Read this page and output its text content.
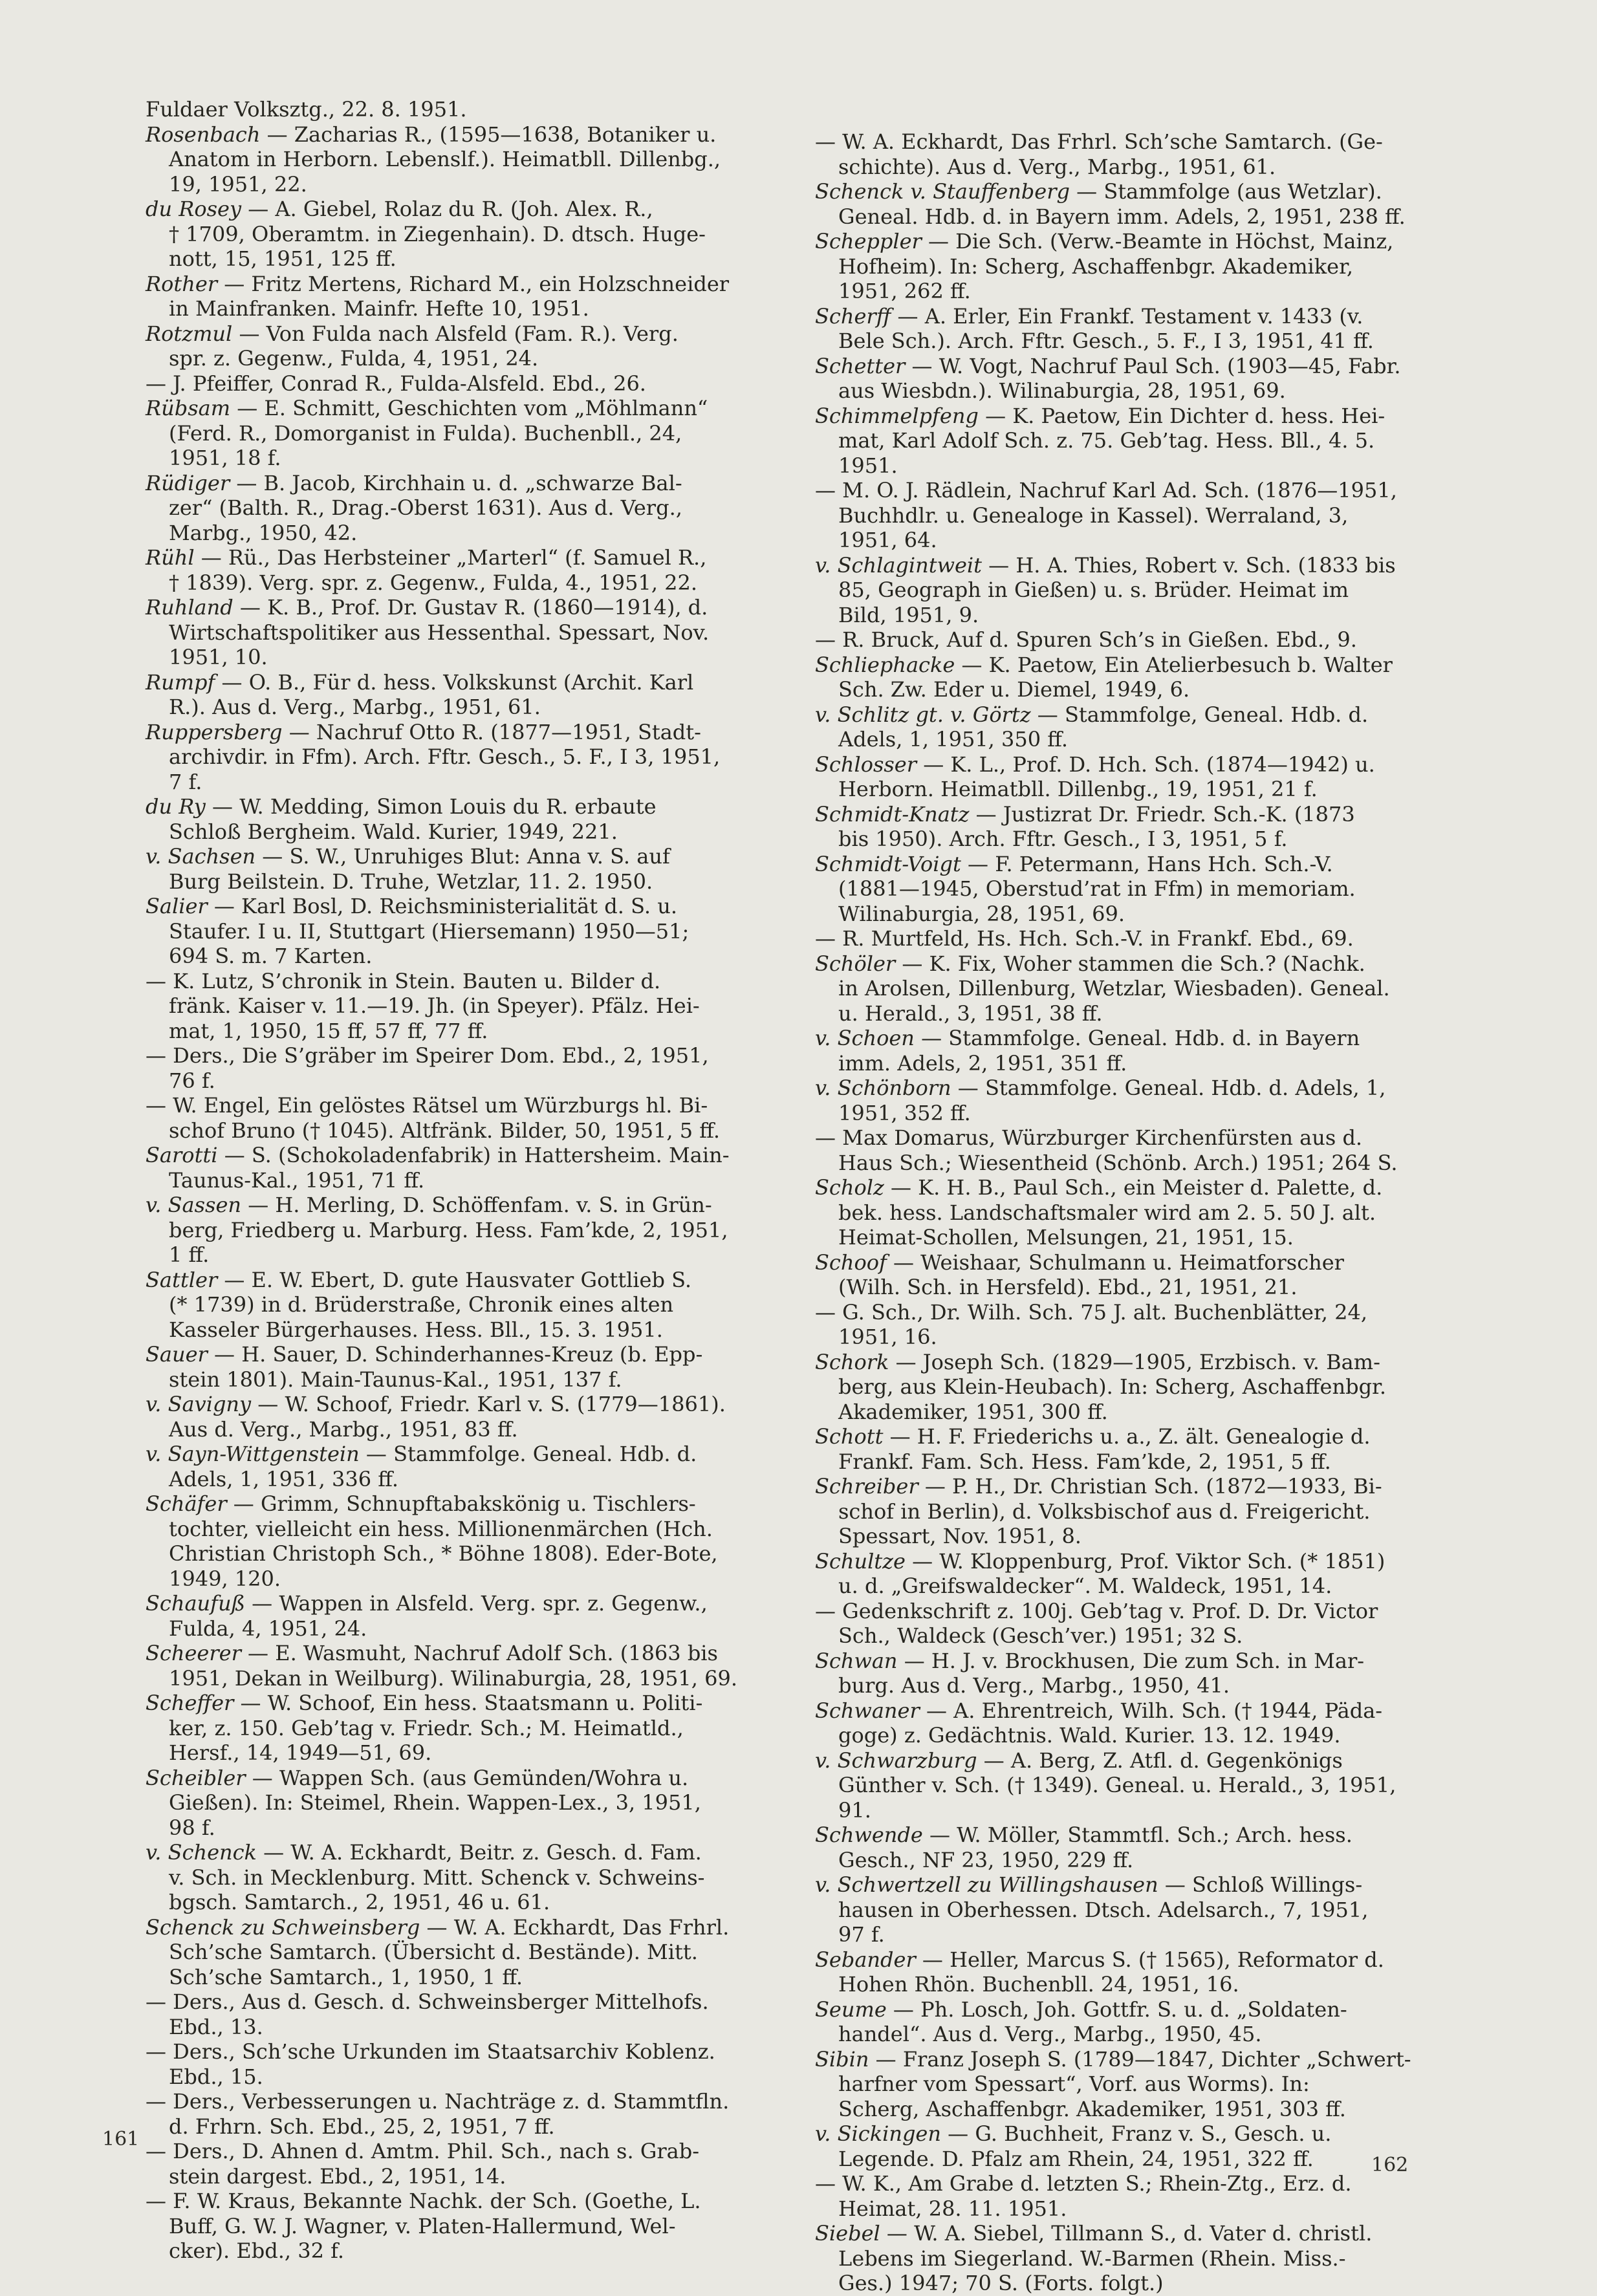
Fuldaer Volksztg., 22. 8. 1951.

Rosenbach — Zacharias R., (1595—1638, Botaniker u.
Anatom in Herborn. Lebenslf.). Heimatbll. Dillenbg.,
19, 1951, 22.

du Rosey — A. Giebel, Rolaz du R. (Joh. Alex. R.,
† 1709, Oberamtm. in Ziegenhain). D. dtsch. Huge-
nott, 15, 1951, 125 ff.

Rother — Fritz Mertens, Richard M., ein Holzschneider
in Mainfranken. Mainfr. Hefte 10, 1951.

Rotzmul — Von Fulda nach Alsfeld (Fam. R.). Verg.
spr. z. Gegenw., Fulda, 4, 1951, 24.

— J. Pfeiffer, Conrad R., Fulda-Alsfeld. Ebd., 26.

Rübsam — E. Schmitt, Geschichten vom „Möhlmann“
(Ferd. R., Domorganist in Fulda). Buchenbll., 24,
1951, 18 f.

Rüdiger — B. Jacob, Kirchhain u. d. „schwarze Bal-
zer“ (Balth. R., Drag.-Oberst 1631). Aus d. Verg.,
Marbg., 1950, 42.

Rühl — Rü., Das Herbsteiner „Marterl“ (f. Samuel R.,
† 1839). Verg. spr. z. Gegenw., Fulda, 4., 1951, 22.

Ruhland — K. B., Prof. Dr. Gustav R. (1860—1914), d.
Wirtschaftspolitiker aus Hessenthal. Spessart, Nov.
1951, 10.

Rumpf — O. B., Für d. hess. Volkskunst (Archit. Karl
R.). Aus d. Verg., Marbg., 1951, 61.

Ruppersberg — Nachruf Otto R. (1877—1951, Stadt-
archivdir. in Ffm). Arch. Fftr. Gesch., 5. F., I 3, 1951,
7 f.

du Ry — W. Medding, Simon Louis du R. erbaute
Schloß Bergheim. Wald. Kurier, 1949, 221.

v. Sachsen — S. W., Unruhiges Blut: Anna v. S. auf
Burg Beilstein. D. Truhe, Wetzlar, 11. 2. 1950.

Salier — Karl Bosl, D. Reichsministerialität d. S. u.
Staufer. I u. II, Stuttgart (Hiersemann) 1950—51;
694 S. m. 7 Karten.

— K. Lutz, S’chronik in Stein. Bauten u. Bilder d.
fränk. Kaiser v. 11.—19. Jh. (in Speyer). Pfälz. Hei-
mat, 1, 1950, 15 ff, 57 ff, 77 ff.

— Ders., Die S’gräber im Speirer Dom. Ebd., 2, 1951,
76 f.

— W. Engel, Ein gelöstes Rätsel um Würzburgs hl. Bi-
schof Bruno († 1045). Altfränk. Bilder, 50, 1951, 5 ff.

Sarotti — S. (Schokoladenfabrik) in Hattersheim. Main-
Taunus-Kal., 1951, 71 ff.

v. Sassen — H. Merling, D. Schöffenfam. v. S. in Grün-
berg, Friedberg u. Marburg. Hess. Fam’kde, 2, 1951,
1 ff.

Sattler — E. W. Ebert, D. gute Hausvater Gottlieb S.
(* 1739) in d. Brüderstraße, Chronik eines alten
Kasseler Bürgerhauses. Hess. Bll., 15. 3. 1951.

Sauer — H. Sauer, D. Schinderhannes-Kreuz (b. Epp-
stein 1801). Main-Taunus-Kal., 1951, 137 f.

v. Savigny — W. Schoof, Friedr. Karl v. S. (1779—1861).
Aus d. Verg., Marbg., 1951, 83 ff.

v. Sayn-Wittgenstein — Stammfolge. Geneal. Hdb. d.
Adels, 1, 1951, 336 ff.

Schäfer — Grimm, Schnupftabakskönig u. Tischlers-
tochter, vielleicht ein hess. Millionenmärchen (Hch.
Christian Christoph Sch., * Böhne 1808). Eder-Bote,
1949, 120.

Schaufuß — Wappen in Alsfeld. Verg. spr. z. Gegenw.,
Fulda, 4, 1951, 24.

Scheerer — E. Wasmuht, Nachruf Adolf Sch. (1863 bis
1951, Dekan in Weilburg). Wilinaburgia, 28, 1951, 69.

Scheffer — W. Schoof, Ein hess. Staatsmann u. Politi-
ker, z. 150. Geb’tag v. Friedr. Sch.; M. Heimatld.,
Hersf., 14, 1949—51, 69.

Scheibler — Wappen Sch. (aus Gemünden/Wohra u.
Gießen). In: Steimel, Rhein. Wappen-Lex., 3, 1951,
98 f.

v. Schenck — W. A. Eckhardt, Beitr. z. Gesch. d. Fam.
v. Sch. in Mecklenburg. Mitt. Schenck v. Schweins-
bgsch. Samtarch., 2, 1951, 46 u. 61.

Schenck zu Schweinsberg — W. A. Eckhardt, Das Frhrl.
Sch’sche Samtarch. (Übersicht d. Bestände). Mitt.
Sch’sche Samtarch., 1, 1950, 1 ff.

— Ders., Aus d. Gesch. d. Schweinsberger Mittelhofs.
Ebd., 13.

— Ders., Sch’sche Urkunden im Staatsarchiv Koblenz.
Ebd., 15.

— Ders., Verbesserungen u. Nachträge z. d. Stammtfln.
d. Frhrn. Sch. Ebd., 25, 2, 1951, 7 ff.

— Ders., D. Ahnen d. Amtm. Phil. Sch., nach s. Grab-
stein dargest. Ebd., 2, 1951, 14.

— F. W. Kraus, Bekannte Nachk. der Sch. (Goethe, L.
Buff, G. W. J. Wagner, v. Platen-Hallermund, Wel-
cker). Ebd., 32 f.

— W. A. Eckhardt, Das Frhrl. Sch’sche Samtarch. (Ge-
schichte). Aus d. Verg., Marbg., 1951, 61.

Schenck v. Stauffenberg — Stammfolge (aus Wetzlar).
Geneal. Hdb. d. in Bayern imm. Adels, 2, 1951, 238 ff.

Scheppler — Die Sch. (Verw.-Beamte in Höchst, Mainz,
Hofheim). In: Scherg, Aschaffenbgr. Akademiker,
1951, 262 ff.

Scherff — A. Erler, Ein Frankf. Testament v. 1433 (v.
Bele Sch.). Arch. Fftr. Gesch., 5. F., I 3, 1951, 41 ff.

Schetter — W. Vogt, Nachruf Paul Sch. (1903—45, Fabr.
aus Wiesbdn.). Wilinaburgia, 28, 1951, 69.

Schimmelpfeng — K. Paetow, Ein Dichter d. hess. Hei-
mat, Karl Adolf Sch. z. 75. Geb’tag. Hess. Bll., 4. 5.
1951.

— M. O. J. Rädlein, Nachruf Karl Ad. Sch. (1876—1951,
Buchhdlr. u. Genealoge in Kassel). Werraland, 3,
1951, 64.

v. Schlagintweit — H. A. Thies, Robert v. Sch. (1833 bis
85, Geograph in Gießen) u. s. Brüder. Heimat im
Bild, 1951, 9.

— R. Bruck, Auf d. Spuren Sch’s in Gießen. Ebd., 9.

Schliephacke — K. Paetow, Ein Atelierbesuch b. Walter
Sch. Zw. Eder u. Diemel, 1949, 6.

v. Schlitz gt. v. Görtz — Stammfolge, Geneal. Hdb. d.
Adels, 1, 1951, 350 ff.

Schlosser — K. L., Prof. D. Hch. Sch. (1874—1942) u.
Herborn. Heimatbll. Dillenbg., 19, 1951, 21 f.

Schmidt-Knatz — Justizrat Dr. Friedr. Sch.-K. (1873
bis 1950). Arch. Fftr. Gesch., I 3, 1951, 5 f.

Schmidt-Voigt — F. Petermann, Hans Hch. Sch.-V.
(1881—1945, Oberstud’rat in Ffm) in memoriam.
Wilinaburgia, 28, 1951, 69.

— R. Murtfeld, Hs. Hch. Sch.-V. in Frankf. Ebd., 69.

Schöler — K. Fix, Woher stammen die Sch.? (Nachk.
in Arolsen, Dillenburg, Wetzlar, Wiesbaden). Geneal.
u. Herald., 3, 1951, 38 ff.

v. Schoen — Stammfolge. Geneal. Hdb. d. in Bayern
imm. Adels, 2, 1951, 351 ff.

v. Schönborn — Stammfolge. Geneal. Hdb. d. Adels, 1,
1951, 352 ff.

— Max Domarus, Würzburger Kirchenfürsten aus d.
Haus Sch.; Wiesentheid (Schönb. Arch.) 1951; 264 S.

Scholz — K. H. B., Paul Sch., ein Meister d. Palette, d.
bek. hess. Landschaftsmaler wird am 2. 5. 50 J. alt.
Heimat-Schollen, Melsungen, 21, 1951, 15.

Schoof — Weishaar, Schulmann u. Heimatforscher
(Wilh. Sch. in Hersfeld). Ebd., 21, 1951, 21.

— G. Sch., Dr. Wilh. Sch. 75 J. alt. Buchenblätter, 24,
1951, 16.

Schork — Joseph Sch. (1829—1905, Erzbisch. v. Bam-
berg, aus Klein-Heubach). In: Scherg, Aschaffenbgr.
Akademiker, 1951, 300 ff.

Schott — H. F. Friederichs u. a., Z. ält. Genealogie d.
Frankf. Fam. Sch. Hess. Fam’kde, 2, 1951, 5 ff.

Schreiber — P. H., Dr. Christian Sch. (1872—1933, Bi-
schof in Berlin), d. Volksbischof aus d. Freigericht.
Spessart, Nov. 1951, 8.

Schultze — W. Kloppenburg, Prof. Viktor Sch. (* 1851)
u. d. „Greifswaldecker“. M. Waldeck, 1951, 14.

— Gedenkschrift z. 100j. Geb’tag v. Prof. D. Dr. Victor
Sch., Waldeck (Gesch’ver.) 1951; 32 S.

Schwan — H. J. v. Brockhusen, Die zum Sch. in Mar-
burg. Aus d. Verg., Marbg., 1950, 41.

Schwaner — A. Ehrentreich, Wilh. Sch. († 1944, Päda-
goge) z. Gedächtnis. Wald. Kurier. 13. 12. 1949.

v. Schwarzburg — A. Berg, Z. Atfl. d. Gegenkönigs
Günther v. Sch. († 1349). Geneal. u. Herald., 3, 1951,
91.

Schwende — W. Möller, Stammtfl. Sch.; Arch. hess.
Gesch., NF 23, 1950, 229 ff.

v. Schwertzell zu Willingshausen — Schloß Willings-
hausen in Oberhessen. Dtsch. Adelsarch., 7, 1951,
97 f.

Sebander — Heller, Marcus S. († 1565), Reformator d.
Hohen Rhön. Buchenbll. 24, 1951, 16.

Seume — Ph. Losch, Joh. Gottfr. S. u. d. „Soldaten-
handel“. Aus d. Verg., Marbg., 1950, 45.

Sibin — Franz Joseph S. (1789—1847, Dichter „Schwert-
harfner vom Spessart“, Vorf. aus Worms). In:
Scherg, Aschaffenbgr. Akademiker, 1951, 303 ff.

v. Sickingen — G. Buchheit, Franz v. S., Gesch. u.
Legende. D. Pfalz am Rhein, 24, 1951, 322 ff.

— W. K., Am Grabe d. letzten S.; Rhein-Ztg., Erz. d.
Heimat, 28. 11. 1951.

Siebel — W. A. Siebel, Tillmann S., d. Vater d. christl.
Lebens im Siegerland. W.-Barmen (Rhein. Miss.-
Ges.) 1947; 70 S. (Forts. folgt.)

161
162
